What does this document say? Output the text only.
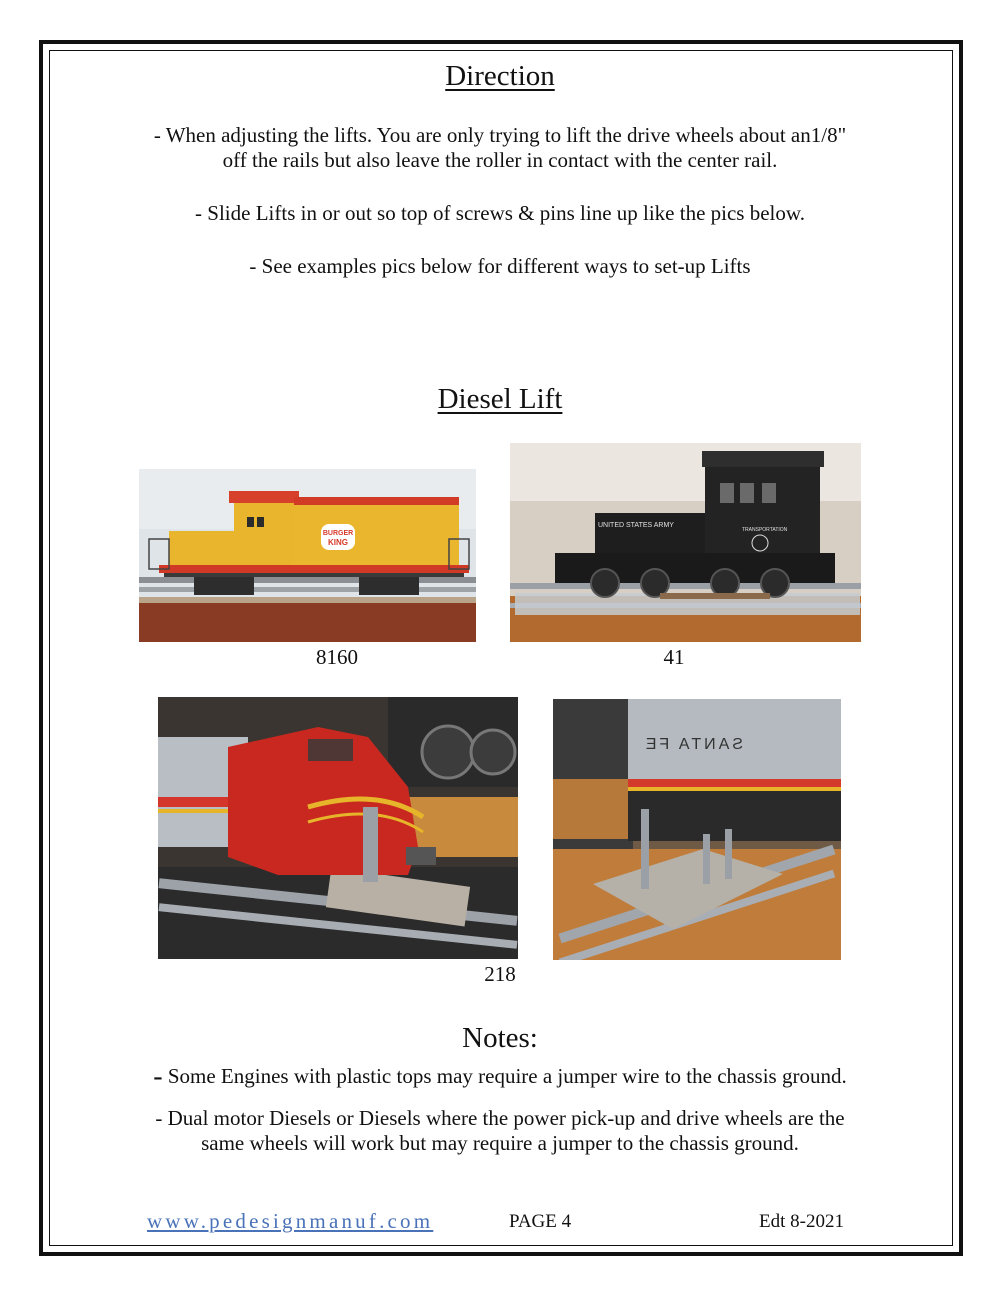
Direction
- When adjusting the lifts. You are only trying to lift the drive wheels about an1/8"
off the rails but also leave the roller in contact with the center rail.
- Slide Lifts in or out so top of screws & pins line up like the pics below.
- See examples pics below for different ways to set-up Lifts
Diesel Lift
BURGER
KING
8160
UNITED STATES ARMY
TRANSPORTATION
41
218
SANTA FE
Notes:
- Some Engines with plastic tops may require a jumper wire to the chassis ground.
- Dual motor Diesels or Diesels where the power pick-up and drive wheels are the
same wheels will work but may require a jumper to the chassis ground.
www.pedesignmanuf.com	PAGE 4	Edt 8-2021
